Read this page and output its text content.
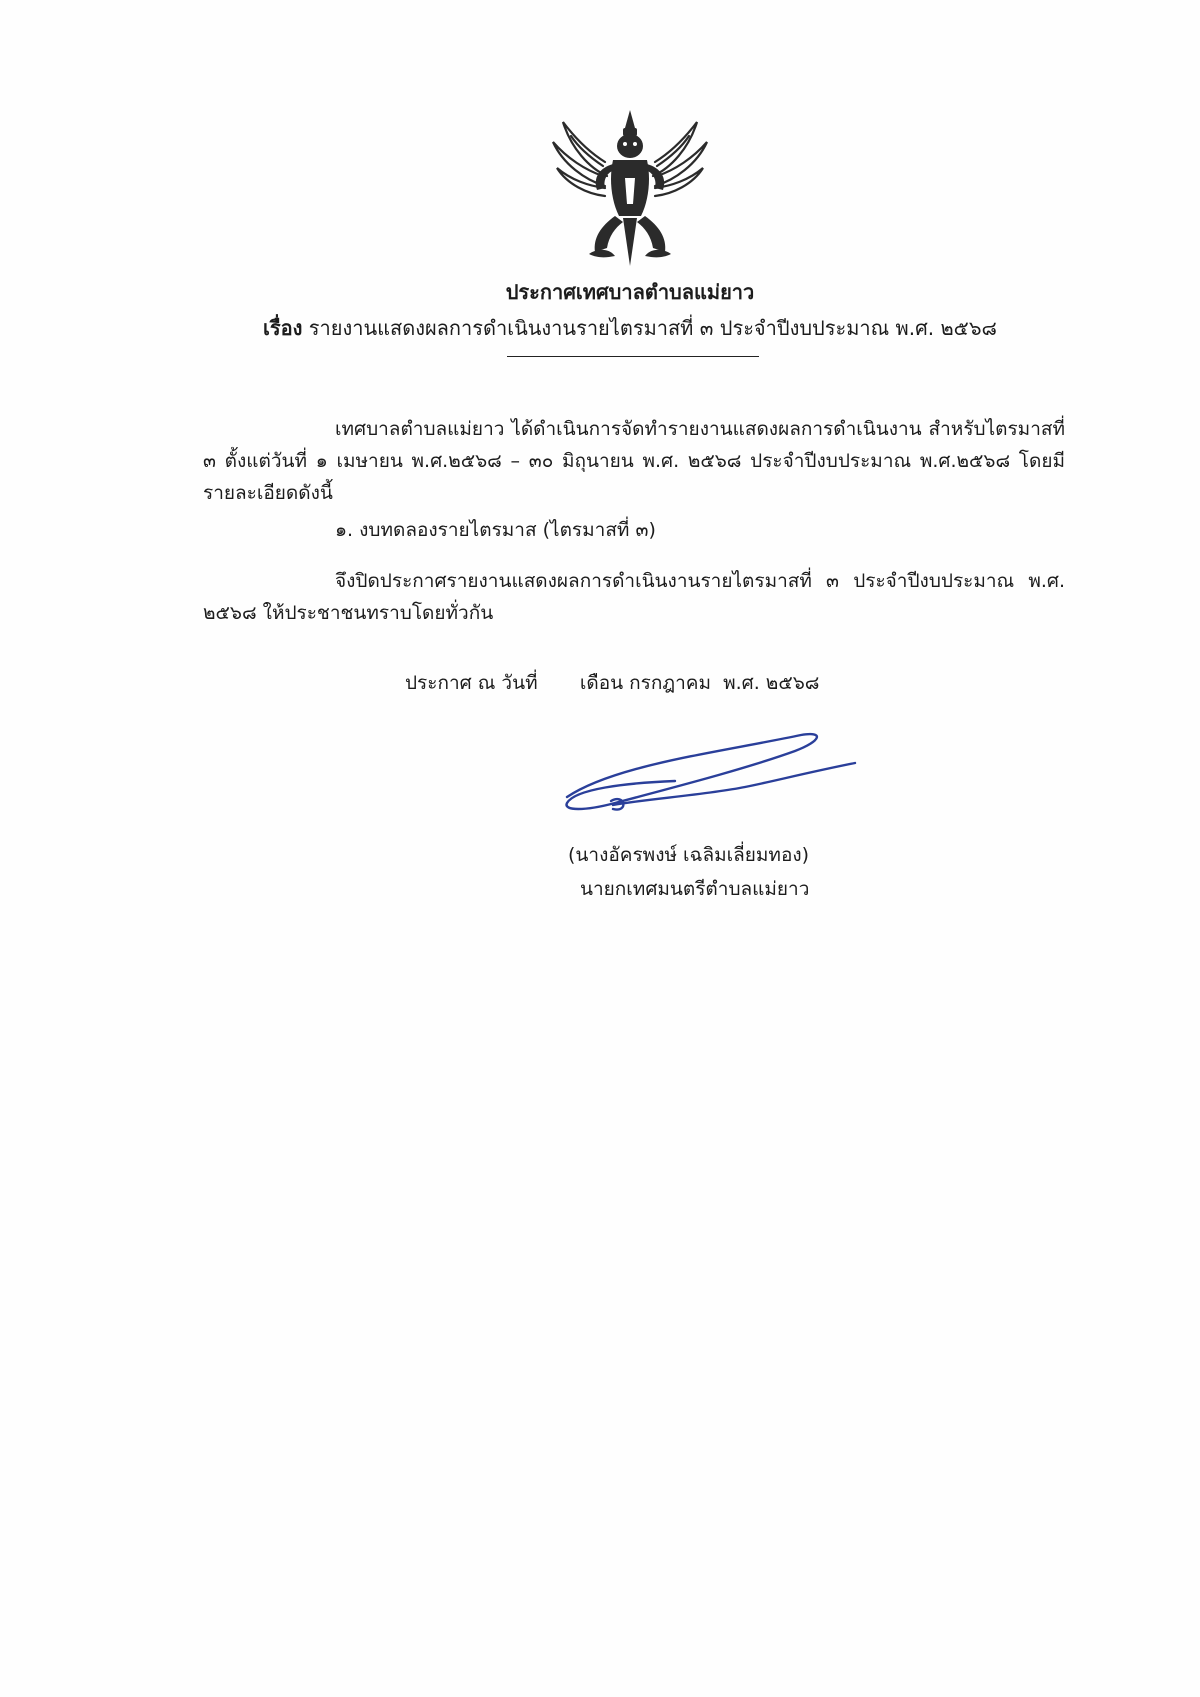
ประกาศเทศบาลตำบลแม่ยาว
เรื่อง รายงานแสดงผลการดำเนินงานรายไตรมาสที่ ๓ ประจำปีงบประมาณ พ.ศ. ๒๕๖๘
เทศบาลตำบลแม่ยาว ได้ดำเนินการจัดทำรายงานแสดงผลการดำเนินงาน สำหรับไตรมาสที่ ๓ ตั้งแต่วันที่ ๑ เมษายน พ.ศ.๒๕๖๘ – ๓๐ มิถุนายน พ.ศ. ๒๕๖๘ ประจำปีงบประมาณ พ.ศ.๒๕๖๘ โดยมีรายละเอียดดังนี้
๑. งบทดลองรายไตรมาส (ไตรมาสที่ ๓)
จึงปิดประกาศรายงานแสดงผลการดำเนินงานรายไตรมาสที่ ๓ ประจำปีงบประมาณ พ.ศ. ๒๕๖๘ ให้ประชาชนทราบโดยทั่วกัน
ประกาศ ณ วันที่       เดือน กรกฎาคม  พ.ศ. ๒๕๖๘
(นางอัครพงษ์ เฉลิมเลี่ยมทอง)
นายกเทศมนตรีตำบลแม่ยาว
